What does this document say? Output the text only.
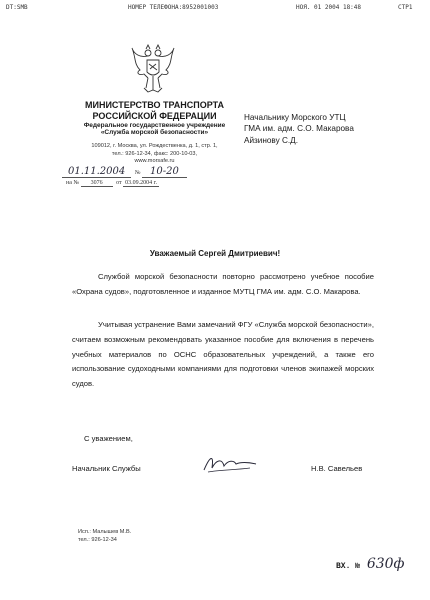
DT:SMB	НОМЕР ТЕЛЕФОНА:8952001003	НОЯ. 01 2004 18:48	СТР1
МИНИСТЕРСТВО ТРАНСПОРТА
РОССИЙСКОЙ ФЕДЕРАЦИИ
Федеральное государственное учреждение
«Служба морской безопасности»
109012, г. Москва, ул. Рождественка, д. 1, стр. 1,
тел.: 926-12-34, факс: 200-10-03,
www.morsafe.ru
01.11.2004 № 10-20
на № 3076 от 03.09.2004 г.
Начальнику Морского УТЦ
ГМА им. адм. С.О. Макарова
Айзинову С.Д.
Уважаемый Сергей Дмитриевич!

Службой морской безопасности повторно рассмотрено учебное пособие «Охрана судов», подготовленное и изданное МУТЦ ГМА им. адм. С.О. Макарова.

Учитывая устранение Вами замечаний ФГУ «Служба морской безопасности», считаем возможным рекомендовать указанное пособие для включения в перечень учебных материалов по ОСНС образовательных учреждений, а также его использование судоходными компаниями для подготовки членов экипажей морских судов.

С уважением,
Начальник Службы	Н.В. Савельев
Исп.: Малышев М.В.
тел.: 926-12-34
ВХ. № 630ф
